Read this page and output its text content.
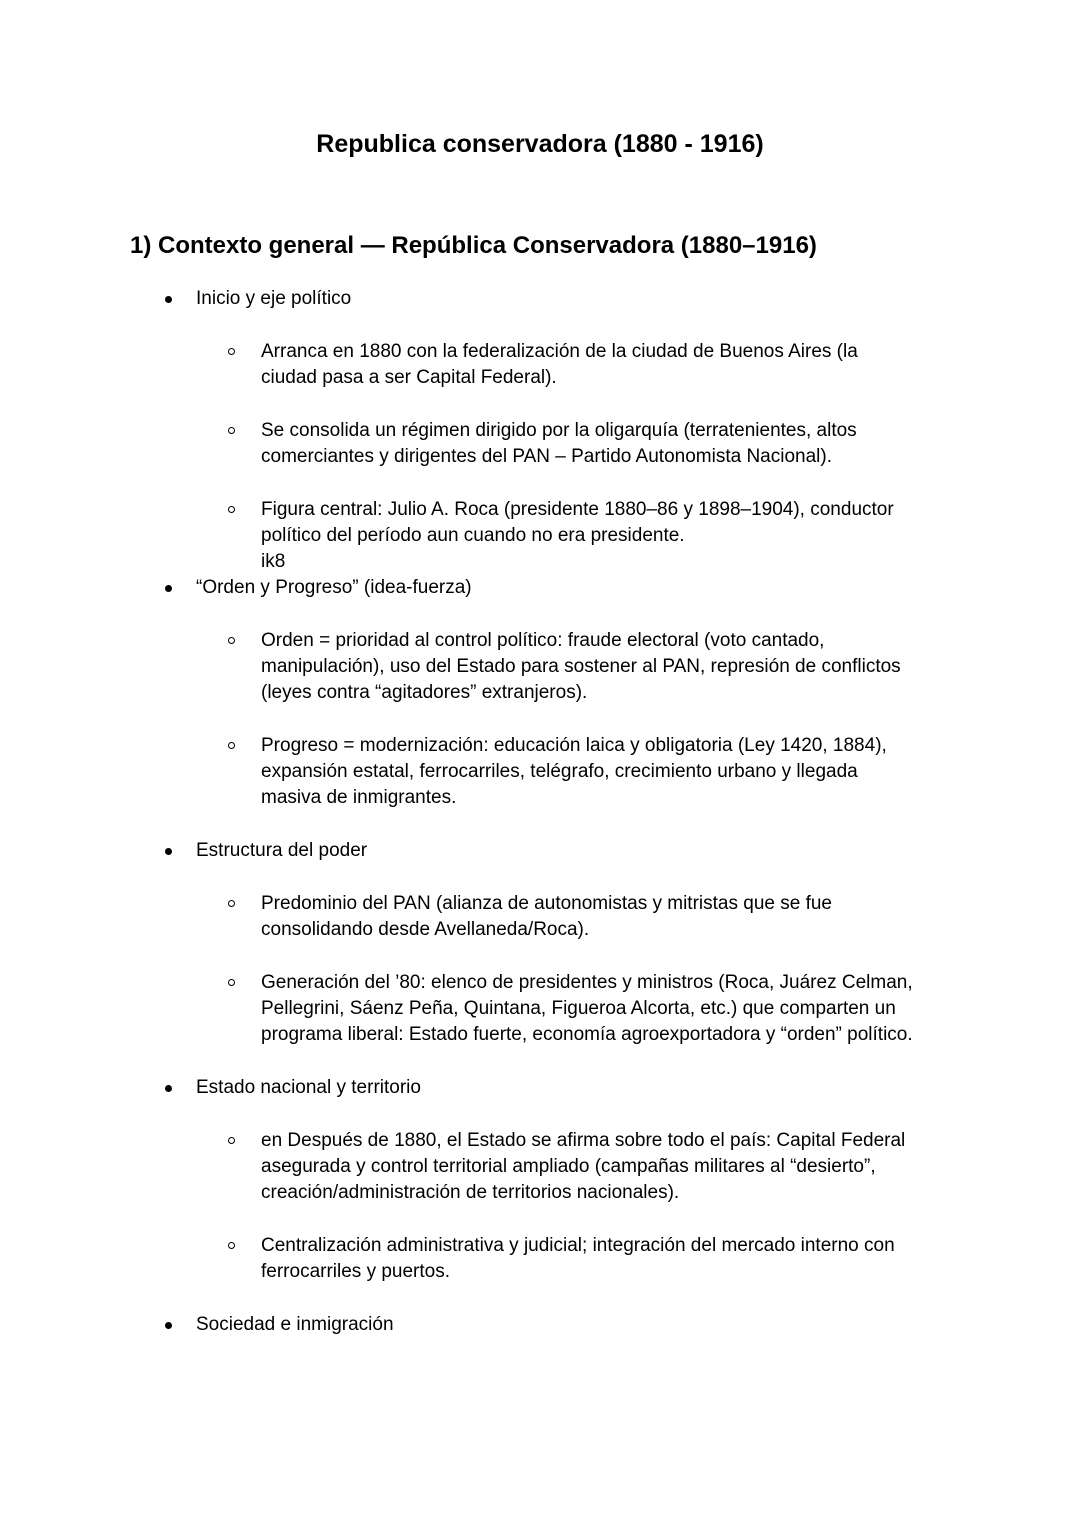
Republica conservadora (1880 - 1916)
1) Contexto general — República Conservadora (1880–1916)
Inicio y eje político
Arranca en 1880 con la federalización de la ciudad de Buenos Aires (la
ciudad pasa a ser Capital Federal).
Se consolida un régimen dirigido por la oligarquía (terratenientes, altos
comerciantes y dirigentes del PAN – Partido Autonomista Nacional).
Figura central: Julio A. Roca (presidente 1880–86 y 1898–1904), conductor
político del período aun cuando no era presidente.
ik8
“Orden y Progreso” (idea-fuerza)
Orden = prioridad al control político: fraude electoral (voto cantado,
manipulación), uso del Estado para sostener al PAN, represión de conflictos
(leyes contra “agitadores” extranjeros).
Progreso = modernización: educación laica y obligatoria (Ley 1420, 1884),
expansión estatal, ferrocarriles, telégrafo, crecimiento urbano y llegada
masiva de inmigrantes.
Estructura del poder
Predominio del PAN (alianza de autonomistas y mitristas que se fue
consolidando desde Avellaneda/Roca).
Generación del ’80: elenco de presidentes y ministros (Roca, Juárez Celman,
Pellegrini, Sáenz Peña, Quintana, Figueroa Alcorta, etc.) que comparten un
programa liberal: Estado fuerte, economía agroexportadora y “orden” político.
Estado nacional y territorio
en Después de 1880, el Estado se afirma sobre todo el país: Capital Federal
asegurada y control territorial ampliado (campañas militares al “desierto”,
creación/administración de territorios nacionales).
Centralización administrativa y judicial; integración del mercado interno con
ferrocarriles y puertos.
Sociedad e inmigración
